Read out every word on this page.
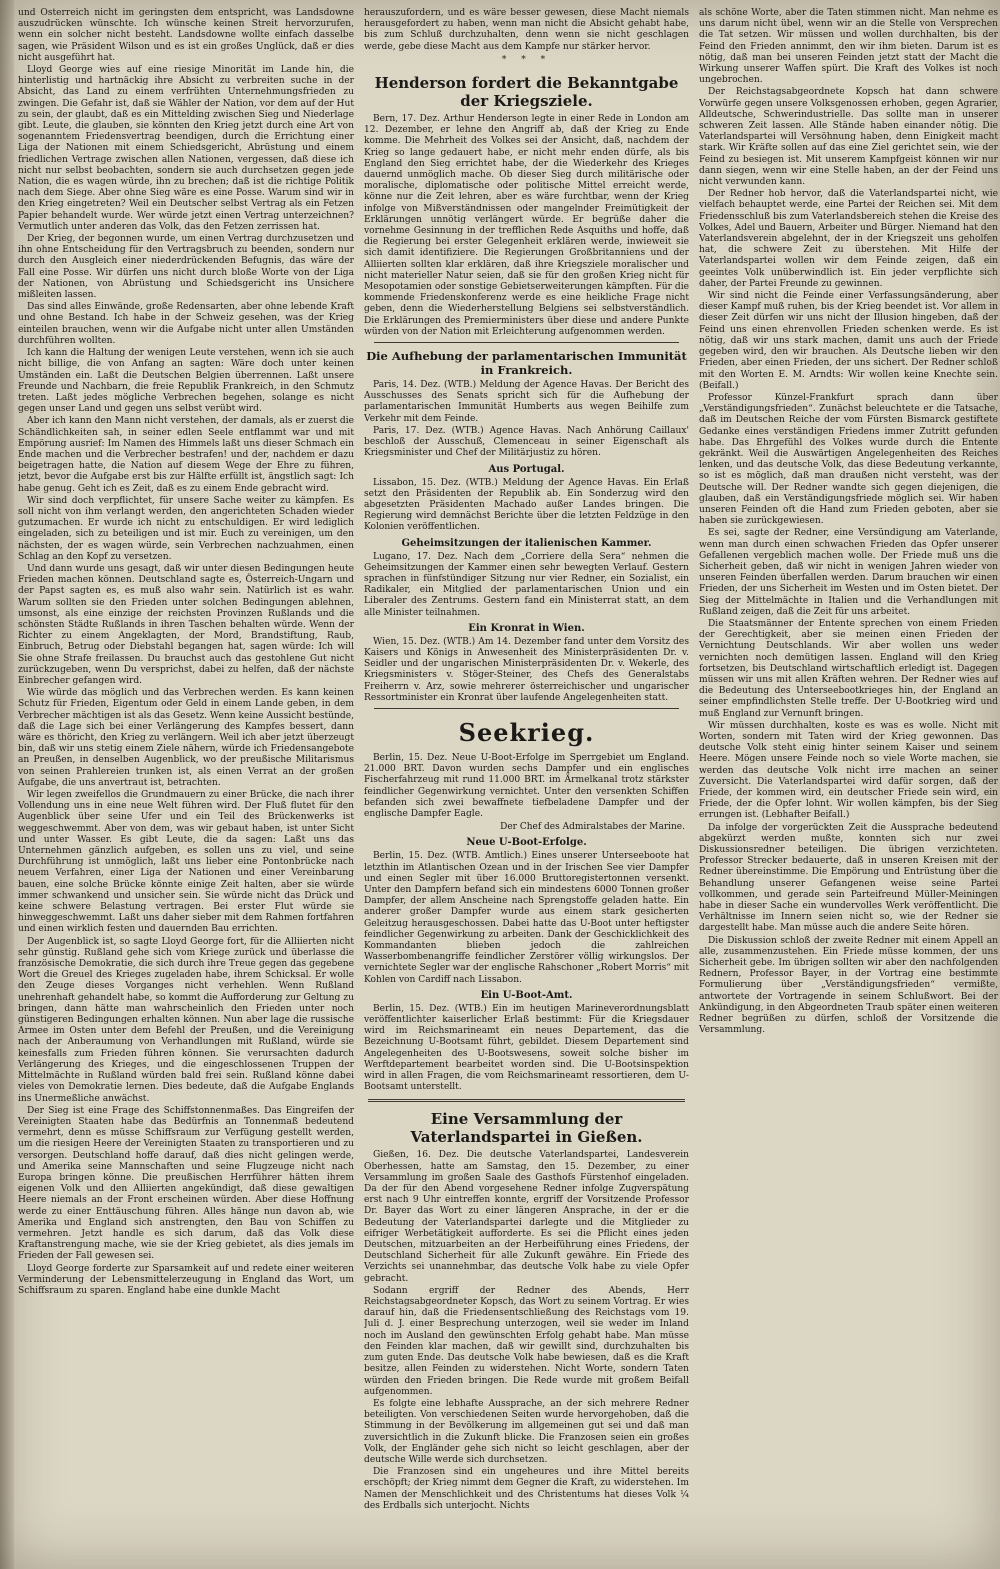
und Österreich nicht im geringsten dem entspricht, was Landsdowne auszudrücken wünschte. Ich wünsche keinen Streit hervorzurufen, wenn ein solcher nicht besteht. Landsdowne wollte einfach dasselbe sagen, wie Präsident Wilson und es ist ein großes Unglück, daß er dies nicht ausgeführt hat.

Lloyd George wies auf eine riesige Minorität im Lande hin, die hinterlistig und hartnäckig ihre Absicht zu verbreiten suche in der Absicht, das Land zu einem verfrühten Unternehmungsfrieden zu zwingen. Die Gefahr ist, daß sie Wähler der Nation, vor dem auf der Hut zu sein, der glaubt, daß es ein Mittelding zwischen Sieg und Niederlage gibt. Leute, die glauben, sie könnten den Krieg jetzt durch eine Art von sogenanntem Friedensvertrag beendigen, durch die Errichtung einer Liga der Nationen mit einem Schiedsgericht, Abrüstung und einem friedlichen Vertrage zwischen allen Nationen, vergessen, daß diese ich nicht nur selbst beobachten, sondern sie auch durchsetzen gegen jede Nation, die es wagen würde, ihn zu brechen; daß ist die richtige Politik nach dem Siege. Aber ohne Sieg wäre es eine Posse. Warum sind wir in den Krieg eingetreten? Weil ein Deutscher selbst Vertrag als ein Fetzen Papier behandelt wurde. Wer würde jetzt einen Vertrag unterzeichnen? Vermutlich unter anderen das Volk, das den Fetzen zerrissen hat.

Der Krieg, der begonnen wurde, um einen Vertrag durchzusetzen und ihn ohne Entscheidung für den Vertragsbruch zu beenden, sondern nur durch den Ausgleich einer niederdrückenden Befugnis, das wäre der Fall eine Posse. Wir dürfen uns nicht durch bloße Worte von der Liga der Nationen, von Abrüstung und Schiedsgericht ins Unsichere mißleiten lassen.

Das sind alles Einwände, große Redensarten, aber ohne lebende Kraft und ohne Bestand. Ich habe in der Schweiz gesehen, was der Krieg einteilen brauchen, wenn wir die Aufgabe nicht unter allen Umständen durchführen wollten.

Ich kann die Haltung der wenigen Leute verstehen, wenn ich sie auch nicht billige, die von Anfang an sagten: Wäre doch unter keinen Umständen ein. Laßt die Deutschen Belgien überrennen. Laßt unsere Freunde und Nachbarn, die freie Republik Frankreich, in den Schmutz treten. Laßt jedes mögliche Verbrechen begehen, solange es nicht gegen unser Land und gegen uns selbst verübt wird.

Aber ich kann den Mann nicht verstehen, der damals, als er zuerst die Schändlichkeiten sah, in seiner edlen Seele entflammt war und mit Empörung ausrief: Im Namen des Himmels laßt uns dieser Schmach ein Ende machen und die Verbrecher bestrafen! und der, nachdem er dazu beigetragen hatte, die Nation auf diesem Wege der Ehre zu führen, jetzt, bevor die Aufgabe erst bis zur Hälfte erfüllt ist, ängstlich sagt: Ich habe genug. Geht ich es Zeit, daß es zu einem Ende gebracht wird.

Wir sind doch verpflichtet, für unsere Sache weiter zu kämpfen. Es soll nicht von ihm verlangt werden, den angerichteten Schaden wieder gutzumachen. Er wurde ich nicht zu entschuldigen. Er wird lediglich eingeladen, sich zu beteiligen und ist mir. Euch zu vereinigen, um den nächsten, der es wagen würde, sein Verbrechen nachzuahmen, einen Schlag an den Kopf zu versetzen.

Und dann wurde uns gesagt, daß wir unter diesen Bedingungen heute Frieden machen können. Deutschland sagte es, Österreich-Ungarn und der Papst sagten es, es muß also wahr sein. Natürlich ist es wahr. Warum sollten sie den Frieden unter solchen Bedingungen ablehnen, umsonst, als eine einzige der reichsten Provinzen Rußlands und die schönsten Städte Rußlands in ihren Taschen behalten würde. Wenn der Richter zu einem Angeklagten, der Mord, Brandstiftung, Raub, Einbruch, Betrug oder Diebstahl begangen hat, sagen würde: Ich will Sie ohne Strafe freilassen. Du brauchst auch das gestohlene Gut nicht zurückzugeben, wenn Du versprichst, dabei zu helfen, daß der nächste Einbrecher gefangen wird.

Wie würde das möglich und das Verbrechen werden. Es kann keinen Schutz für Frieden, Eigentum oder Geld in einem Lande geben, in dem Verbrecher mächtigen ist als das Gesetz. Wenn keine Aussicht bestünde, daß die Lage sich bei einer Verlängerung des Kampfes bessert, dann wäre es thöricht, den Krieg zu verlängern. Weil ich aber jetzt überzeugt bin, daß wir uns stetig einem Ziele nähern, würde ich Friedensangebote an Preußen, in denselben Augenblick, wo der preußische Militarismus von seinen Prahlereien trunken ist, als einen Verrat an der großen Aufgabe, die uns anvertraut ist, betrachten.

Wir legen zweifellos die Grundmauern zu einer Brücke, die nach ihrer Vollendung uns in eine neue Welt führen wird. Der Fluß flutet für den Augenblick über seine Ufer und ein Teil des Brückenwerks ist weggeschwemmt. Aber von dem, was wir gebaut haben, ist unter Sicht und unter Wasser. Es gibt Leute, die da sagen: Laßt uns das Unternehmen gänzlich aufgeben, es sollen uns zu viel, und seine Durchführung ist unmöglich, laßt uns lieber eine Pontonbrücke nach neuem Verfahren, einer Liga der Nationen und einer Vereinbarung bauen, eine solche Brücke könnte einige Zeit halten, aber sie würde immer schwankend und unsicher sein. Sie würde nicht das Drück und keine schwere Belastung vertragen. Bei erster Flut würde sie hinweggeschwemmt. Laßt uns daher sieber mit dem Rahmen fortfahren und einen wirklich festen und dauernden Bau errichten.

Der Augenblick ist, so sagte Lloyd George fort, für die Alliierten nicht sehr günstig. Rußland gehe sich vom Kriege zurück und überlasse die französische Demokratie, die sich durch ihre Treue gegen das gegebene Wort die Greuel des Krieges zugeladen habe, ihrem Schicksal. Er wolle den Zeuge dieses Vorganges nicht verhehlen. Wenn Rußland unehrenhaft gehandelt habe, so kommt die Aufforderung zur Geltung zu bringen, dann hätte man wahrscheinlich den Frieden unter noch günstigeren Bedingungen erhalten können. Nun aber lage die russische Armee im Osten unter dem Befehl der Preußen, und die Vereinigung nach der Anberaumung von Verhandlungen mit Rußland, würde sie keinesfalls zum Frieden führen können. Sie verursachten dadurch Verlängerung des Krieges, und die eingeschlossenen Truppen der Mittelmächte in Rußland würden bald frei sein. Rußland könne dabei vieles von Demokratie lernen. Dies bedeute, daß die Aufgabe Englands ins Unermeßliche anwächst.

Der Sieg ist eine Frage des Schiffstonnenmaßes. Das Eingreifen der Vereinigten Staaten habe das Bedürfnis an Tonnenmaß bedeutend vermehrt, denn es müsse Schiffsraum zur Verfügung gestellt werden, um die riesigen Heere der Vereinigten Staaten zu transportieren und zu versorgen. Deutschland hoffe darauf, daß dies nicht gelingen werde, und Amerika seine Mannschaften und seine Flugzeuge nicht nach Europa bringen könne. Die preußischen Herrführer hätten ihrem eigenen Volk und den Alliierten angekündigt, daß diese gewaltigen Heere niemals an der Front erscheinen würden. Aber diese Hoffnung werde zu einer Enttäuschung führen. Alles hänge nun davon ab, wie Amerika und England sich anstrengten, den Bau von Schiffen zu vermehren. Jetzt handle es sich darum, daß das Volk diese Kraftanstrengung mache, wie sie der Krieg gebietet, als dies jemals im Frieden der Fall gewesen sei.

Lloyd George forderte zur Sparsamkeit auf und redete einer weiteren Verminderung der Lebensmittelerzeugung in England das Wort, um Schiffsraum zu sparen. England habe eine dunkle Macht

herauszufordern, und es wäre besser gewesen, diese Macht niemals herausgefordert zu haben, wenn man nicht die Absicht gehabt habe, bis zum Schluß durchzuhalten, denn wenn sie nicht geschlagen werde, gebe diese Macht aus dem Kampfe nur stärker hervor.

* * *
Henderson fordert die Bekanntgabe der Kriegsziele.

Bern, 17. Dez. Arthur Henderson legte in einer Rede in London am 12. Dezember, er lehne den Angriff ab, daß der Krieg zu Ende komme. Die Mehrheit des Volkes sei der Ansicht, daß, nachdem der Krieg so lange gedauert habe, er nicht mehr enden dürfe, als bis England den Sieg errichtet habe, der die Wiederkehr des Krieges dauernd unmöglich mache. Ob dieser Sieg durch militärische oder moralische, diplomatische oder politische Mittel erreicht werde, könne nur die Zeit lehren, aber es wäre furchtbar, wenn der Krieg infolge von Mißverständnissen oder mangelnder Freimütigkeit der Erklärungen unnötig verlängert würde. Er begrüße daher die vornehme Gesinnung in der trefflichen Rede Asquiths und hoffe, daß die Regierung bei erster Gelegenheit erklären werde, inwieweit sie sich damit identifiziere. Die Regierungen Großbritanniens und der Alliierten sollten klar erklären, daß ihre Kriegsziele moralischer und nicht materieller Natur seien, daß sie für den großen Krieg nicht für Mesopotamien oder sonstige Gebietserweiterungen kämpften. Für die kommende Friedenskonferenz werde es eine heikliche Frage nicht geben, denn die Wiederherstellung Belgiens sei selbstverständlich. Die Erklärungen des Premierministers über diese und andere Punkte würden von der Nation mit Erleichterung aufgenommen werden.

Die Aufhebung der parlamentarischen Immunität in Frankreich.

Paris, 14. Dez. (WTB.) Meldung der Agence Havas. Der Bericht des Ausschusses des Senats spricht sich für die Aufhebung der parlamentarischen Immunität Humberts aus wegen Beihilfe zum Verkehr mit dem Feinde.

Paris, 17. Dez. (WTB.) Agence Havas. Nach Anhörung Caillaux' beschloß der Ausschuß, Clemenceau in seiner Eigenschaft als Kriegsminister und Chef der Militärjustiz zu hören.

Aus Portugal.

Lissabon, 15. Dez. (WTB.) Meldung der Agence Havas. Ein Erlaß setzt den Präsidenten der Republik ab. Ein Sonderzug wird den abgesetzten Präsidenten Machado außer Landes bringen. Die Regierung wird demnächst Berichte über die letzten Feldzüge in den Kolonien veröffentlichen.

Geheimsitzungen der italienischen Kammer.

Lugano, 17. Dez. Nach dem „Corriere della Sera“ nehmen die Geheimsitzungen der Kammer einen sehr bewegten Verlauf. Gestern sprachen in fünfstündiger Sitzung nur vier Redner, ein Sozialist, ein Radikaler, ein Mitglied der parlamentarischen Union und ein Liberaler des Zentrums. Gestern fand ein Ministerrat statt, an dem alle Minister teilnahmen.

Ein Kronrat in Wien.

Wien, 15. Dez. (WTB.) Am 14. Dezember fand unter dem Vorsitz des Kaisers und Königs in Anwesenheit des Ministerpräsidenten Dr. v. Seidler und der ungarischen Ministerpräsidenten Dr. v. Wekerle, des Kriegsministers v. Stöger-Steiner, des Chefs des Generalstabs Freiherrn v. Arz, sowie mehrerer österreichischer und ungarischer Ressortminister ein Kronrat über laufende Angelegenheiten statt.

Seekrieg.

Berlin, 15. Dez. Neue U-Boot-Erfolge im Sperrgebiet um England. 21.000 BRT. Davon wurden sechs Dampfer und ein englisches Fischerfahrzeug mit rund 11.000 BRT. im Ärmelkanal trotz stärkster feindlicher Gegenwirkung vernichtet. Unter den versenkten Schiffen befanden sich zwei bewaffnete tiefbeladene Dampfer und der englische Dampfer Eagle.

Der Chef des Admiralstabes der Marine.
Neue U-Boot-Erfolge.

Berlin, 15. Dez. (WTB. Amtlich.) Eines unserer Unterseeboote hat letzthin im Atlantischen Ozean und in der Irischen See vier Dampfer und einen Segler mit über 16.000 Bruttoregistertonnen versenkt. Unter den Dampfern befand sich ein mindestens 6000 Tonnen großer Dampfer, der allem Anscheine nach Sprengstoffe geladen hatte. Ein anderer großer Dampfer wurde aus einem stark gesicherten Geleitzug herausgeschossen. Dabei hatte das U-Boot unter heftigster feindlicher Gegenwirkung zu arbeiten. Dank der Geschicklichkeit des Kommandanten blieben jedoch die zahlreichen Wasserbombenangriffe feindlicher Zerstörer völlig wirkungslos. Der vernichtete Segler war der englische Rahschoner „Robert Morris“ mit Kohlen von Cardiff nach Lissabon.

Ein U-Boot-Amt.

Berlin, 15. Dez. (WTB.) Ein im heutigen Marineverordnungsblatt veröffentlichter kaiserlicher Erlaß bestimmt: Für die Kriegsdauer wird im Reichsmarineamt ein neues Departement, das die Bezeichnung U-Bootsamt führt, gebildet. Diesem Departement sind Angelegenheiten des U-Bootswesens, soweit solche bisher im Werftdepartement bearbeitet worden sind. Die U-Bootsinspektion wird in allen Fragen, die vom Reichsmarineamt ressortieren, dem U-Bootsamt unterstellt.

Eine Versammlung der Vaterlandspartei in Gießen.

Gießen, 16. Dez. Die deutsche Vaterlandspartei, Landesverein Oberhessen, hatte am Samstag, den 15. Dezember, zu einer Versammlung im großen Saale des Gasthofs Fürstenhof eingeladen. Da der für den Abend vorgesehene Redner infolge Zugverspätung erst nach 9 Uhr eintreffen konnte, ergriff der Vorsitzende Professor Dr. Bayer das Wort zu einer längeren Ansprache, in der er die Bedeutung der Vaterlandspartei darlegte und die Mitglieder zu eifriger Werbetätigkeit aufforderte. Es sei die Pflicht eines jeden Deutschen, mitzuarbeiten an der Herbeiführung eines Friedens, der Deutschland Sicherheit für alle Zukunft gewähre. Ein Friede des Verzichts sei unannehmbar, das deutsche Volk habe zu viele Opfer gebracht.

Sodann ergriff der Redner des Abends, Herr Reichstagsabgeordneter Kopsch, das Wort zu seinem Vortrag. Er wies darauf hin, daß die Friedensentschließung des Reichstags vom 19. Juli d. J. einer Besprechung unterzogen, weil sie weder im Inland noch im Ausland den gewünschten Erfolg gehabt habe. Man müsse den Feinden klar machen, daß wir gewillt sind, durchzuhalten bis zum guten Ende. Das deutsche Volk habe bewiesen, daß es die Kraft besitze, allen Feinden zu widerstehen. Nicht Worte, sondern Taten würden den Frieden bringen. Die Rede wurde mit großem Beifall aufgenommen.

Es folgte eine lebhafte Aussprache, an der sich mehrere Redner beteiligten. Von verschiedenen Seiten wurde hervorgehoben, daß die Stimmung in der Bevölkerung im allgemeinen gut sei und daß man zuversichtlich in die Zukunft blicke. Die Franzosen seien ein großes Volk, der Engländer gehe sich nicht so leicht geschlagen, aber der deutsche Wille werde sich durchsetzen.

Die Franzosen sind ein ungeheures und ihre Mittel bereits erschöpft; der Krieg nimmt dem Gegner die Kraft, zu widerstehen. Im Namen der Menschlichkeit und des Christentums hat dieses Volk ¼ des Erdballs sich unterjocht. Nichts

als schöne Worte, aber die Taten stimmen nicht. Man nehme es uns darum nicht übel, wenn wir an die Stelle von Versprechen die Tat setzen. Wir müssen und wollen durchhalten, bis der Feind den Frieden annimmt, den wir ihm bieten. Darum ist es nötig, daß man bei unseren Feinden jetzt statt der Macht die Wirkung unserer Waffen spürt. Die Kraft des Volkes ist noch ungebrochen.

Der Reichstagsabgeordnete Kopsch hat dann schwere Vorwürfe gegen unsere Volksgenossen erhoben, gegen Agrarier, Alldeutsche, Schwerindustrielle. Das sollte man in unserer schweren Zeit lassen. Alle Stände haben einander nötig. Die Vaterlandspartei will Versöhnung haben, denn Einigkeit macht stark. Wir Kräfte sollen auf das eine Ziel gerichtet sein, wie der Feind zu besiegen ist. Mit unserem Kampfgeist können wir nur dann siegen, wenn wir eine Stelle haben, an der der Feind uns nicht verwunden kann.

Der Redner hob hervor, daß die Vaterlandspartei nicht, wie vielfach behauptet werde, eine Partei der Reichen sei. Mit dem Friedensschluß bis zum Vaterlandsbereich stehen die Kreise des Volkes, Adel und Bauern, Arbeiter und Bürger. Niemand hat den Vaterlandsverein abgelehnt, der in der Kriegszeit uns geholfen hat, die schwere Zeit zu überstehen. Mit Hilfe der Vaterlandspartei wollen wir dem Feinde zeigen, daß ein geeintes Volk unüberwindlich ist. Ein jeder verpflichte sich daher, der Partei Freunde zu gewinnen.

Wir sind nicht die Feinde einer Verfassungsänderung, aber dieser Kampf muß ruhen, bis der Krieg beendet ist. Vor allem in dieser Zeit dürfen wir uns nicht der Illusion hingeben, daß der Feind uns einen ehrenvollen Frieden schenken werde. Es ist nötig, daß wir uns stark machen, damit uns auch der Friede gegeben wird, den wir brauchen. Als Deutsche lieben wir den Frieden, aber einen Frieden, der uns sichert. Der Redner schloß mit den Worten E. M. Arndts: Wir wollen keine Knechte sein. (Beifall.)

Professor Künzel-Frankfurt sprach dann über „Verständigungsfrieden“. Zunächst beleuchtete er die Tatsache, daß im Deutschen Reiche der vom Fürsten Bismarck gestiftete Gedanke eines verständigen Friedens immer Zutritt gefunden habe. Das Ehrgefühl des Volkes wurde durch die Entente gekränkt. Weil die Auswärtigen Angelegenheiten des Reiches lenken, und das deutsche Volk, das diese Bedeutung verkannte, so ist es möglich, daß man draußen nicht versteht, was der Deutsche will. Der Redner wandte sich gegen diejenigen, die glauben, daß ein Verständigungsfriede möglich sei. Wir haben unseren Feinden oft die Hand zum Frieden geboten, aber sie haben sie zurückgewiesen.

Es sei, sagte der Redner, eine Versündigung am Vaterlande, wenn man durch einen schwachen Frieden das Opfer unserer Gefallenen vergeblich machen wolle. Der Friede muß uns die Sicherheit geben, daß wir nicht in wenigen Jahren wieder von unseren Feinden überfallen werden. Darum brauchen wir einen Frieden, der uns Sicherheit im Westen und im Osten bietet. Der Sieg der Mittelmächte in Italien und die Verhandlungen mit Rußland zeigen, daß die Zeit für uns arbeitet.

Die Staatsmänner der Entente sprechen von einem Frieden der Gerechtigkeit, aber sie meinen einen Frieden der Vernichtung Deutschlands. Wir aber wollen uns weder vernichten noch demütigen lassen. England will den Krieg fortsetzen, bis Deutschland wirtschaftlich erledigt ist. Dagegen müssen wir uns mit allen Kräften wehren. Der Redner wies auf die Bedeutung des Unterseebootkrieges hin, der England an seiner empfindlichsten Stelle treffe. Der U-Bootkrieg wird und muß England zur Vernunft bringen.

Wir müssen durchhalten, koste es was es wolle. Nicht mit Worten, sondern mit Taten wird der Krieg gewonnen. Das deutsche Volk steht einig hinter seinem Kaiser und seinem Heere. Mögen unsere Feinde noch so viele Worte machen, sie werden das deutsche Volk nicht irre machen an seiner Zuversicht. Die Vaterlandspartei wird dafür sorgen, daß der Friede, der kommen wird, ein deutscher Friede sein wird, ein Friede, der die Opfer lohnt. Wir wollen kämpfen, bis der Sieg errungen ist. (Lebhafter Beifall.)

Da infolge der vorgerückten Zeit die Aussprache bedeutend abgekürzt werden mußte, konnten sich nur zwei Diskussionsredner beteiligen. Die übrigen verzichteten. Professor Strecker bedauerte, daß in unseren Kreisen mit der Redner übereinstimme. Die Empörung und Entrüstung über die Behandlung unserer Gefangenen weise seine Partei vollkommen, und gerade sein Parteifreund Müller-Meiningen habe in dieser Sache ein wundervolles Werk veröffentlicht. Die Verhältnisse im Innern seien nicht so, wie der Redner sie dargestellt habe. Man müsse auch die andere Seite hören.

Die Diskussion schloß der zweite Redner mit einem Appell an alle, zusammenzustehen. Ein Friede müsse kommen, der uns Sicherheit gebe. Im übrigen sollten wir aber den nachfolgenden Rednern, Professor Bayer, in der Vortrag eine bestimmte Formulierung über „Verständigungsfrieden“ vermißte, antwortete der Vortragende in seinem Schlußwort. Bei der Ankündigung, in den Abgeordneten Traub später einen weiteren Redner begrüßen zu dürfen, schloß der Vorsitzende die Versammlung.
